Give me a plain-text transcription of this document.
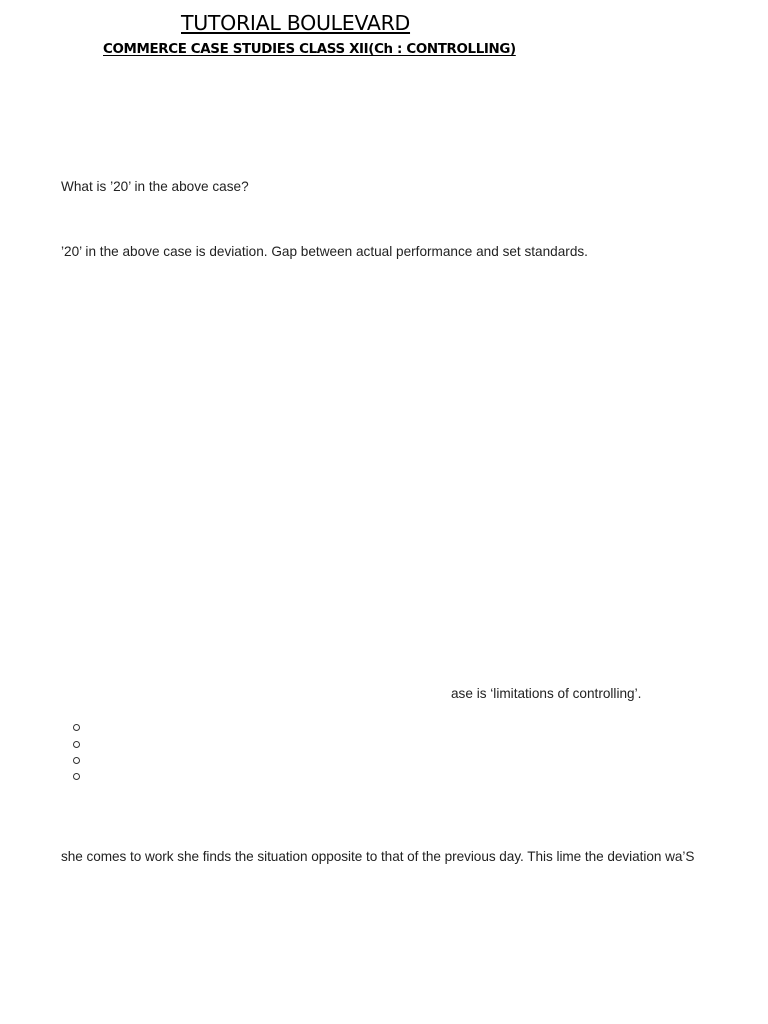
TUTORIAL BOULEVARD
COMMERCE CASE STUDIES CLASS XII(Ch : CONTROLLING)
What is ’20’ in the above case?
’20’ in the above case is deviation. Gap between actual performance and set standards.
ase is ‘limitations of controlling’.
she comes to work she finds the situation opposite to that of the previous day. This lime the deviation wa’S
